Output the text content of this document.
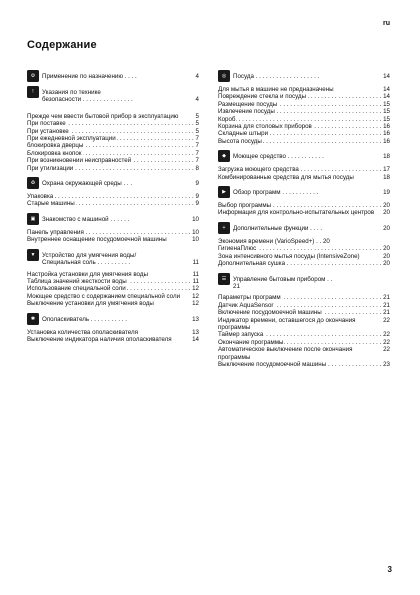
ru
Содержание
⚙	Применение по назначению . . . .	4
!	Указания по технике
безопасности . . . . . . . . . . . . . . .	4
Прежде чем ввести бытовой прибор в эксплуатацию	5
. . . При поставке	5
. . . При установке	5
. . . При ежедневной эксплуатации	7
. . . блокировка дверцы	7
. . . Блокировка кнопок	7
. . . При возникновении неисправностей	7
. . . При утилизации	8
♻	Охрана окружающей среды . . .	9
. . . Упаковка	9
. . . Старые машины	9
▣	Знакомство с машиной . . . . . .	10
. . . Панель управления	10
Внутреннее оснащение посудомоечной машины	10
▼	Устройство для умягчения воды/
Специальная соль . . . . . . . . . .	11
Настройка установки для умягчения воды	11
. . . Таблица значений жесткости воды	11
. . . Использование специальной соли	12
Моющее средство с содержанием специальной соли 12
Выключение установки для умягчения воды	12
✱	Ополаскиватель . . . . . . . . . . .	13
Установка количества ополаскивателя	13
Выключение индикатора наличия ополаскивателя	14
◎	Посуда . . . . . . . . . . . . . . . . . . .	14
Для мытья в машине не предназначены	14
. . . Повреждение стекла и посуды	14
. . . Размещение посуды	15
. . . Извлечение посуды	15
. . . Короб	15
. . . Корзина для столовых приборов	16
. . . Складные штыри	16
. . . Высота посуды	16
◆	Моющее средство . . . . . . . . . . .	18
. . . Загрузка моющего средства	17
Комбинированные средства для мытья посуды	18
▶	Обзор программ . . . . . . . . . . .	19
. . . Выбор программы	20
Информация для контрольно-испытательных центров 20
+	Дополнительные функции . . . .	20
Экономия времени (VarioSpeed+) . . 20
. . . ГигиенаПлюс	20
Зона интенсивного мытья посуды (IntensiveZone)	20
. . . Дополнительная сушка	20
☰	Управление бытовым прибором . .
21
. . . Параметры программ	21
. . . Датчик AquaSensor	21
. . . Включение посудомоечной машины	21
Индикатор времени, оставшегося до окончания программы
22
. . . Таймер запуска	22
. . . Окончание программы	22
Автоматическое выключение после окончания программы
22
. . . Выключение посудомоечной машины	23
3
